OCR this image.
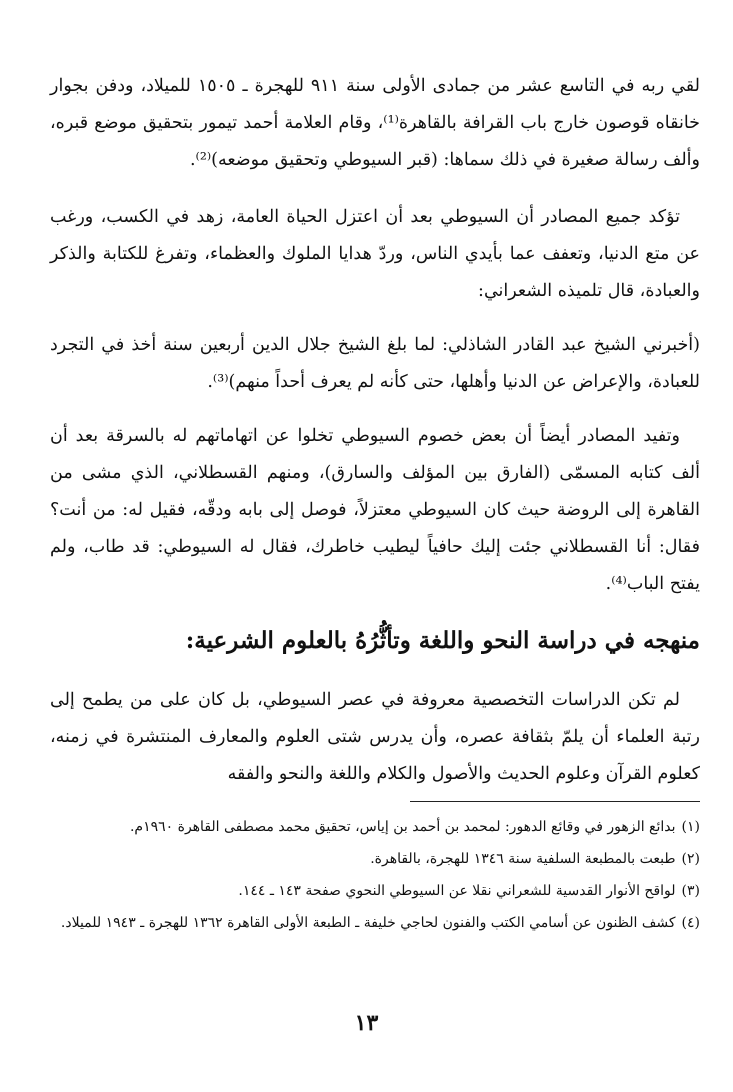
لقي ربه في التاسع عشر من جمادى الأولى سنة ٩١١ للهجرة ـ ١٥٠٥ للميلاد، ودفن بجوار خانقاه قوصون خارج باب القرافة بالقاهرة⁽¹⁾، وقام العلامة أحمد تيمور بتحقيق موضع قبره، وألف رسالة صغيرة في ذلك سماها: (قبر السيوطي وتحقيق موضعه)⁽²⁾.

تؤكد جميع المصادر أن السيوطي بعد أن اعتزل الحياة العامة، زهد في الكسب، ورغب عن متع الدنيا، وتعفف عما بأيدي الناس، وردّ هدايا الملوك والعظماء، وتفرغ للكتابة والذكر والعبادة، قال تلميذه الشعراني:

(أخبرني الشيخ عبد القادر الشاذلي: لما بلغ الشيخ جلال الدين أربعين سنة أخذ في التجرد للعبادة، والإعراض عن الدنيا وأهلها، حتى كأنه لم يعرف أحداً منهم)⁽³⁾.

وتفيد المصادر أيضاً أن بعض خصوم السيوطي تخلوا عن اتهاماتهم له بالسرقة بعد أن ألف كتابه المسمّى (الفارق بين المؤلف والسارق)، ومنهم القسطلاني، الذي مشى من القاهرة إلى الروضة حيث كان السيوطي معتزلاً، فوصل إلى بابه ودقّه، فقيل له: من أنت؟ فقال: أنا القسطلاني جئت إليك حافياً ليطيب خاطرك، فقال له السيوطي: قد طاب، ولم يفتح الباب⁽⁴⁾.

منهجه في دراسة النحو واللغة وتأثُّرُهُ بالعلوم الشرعية:

لم تكن الدراسات التخصصية معروفة في عصر السيوطي، بل كان على من يطمح إلى رتبة العلماء أن يلمّ بثقافة عصره، وأن يدرس شتى العلوم والمعارف المنتشرة في زمنه، كعلوم القرآن وعلوم الحديث والأصول والكلام واللغة والنحو والفقه

(١)بدائع الزهور في وقائع الدهور: لمحمد بن أحمد بن إياس، تحقيق محمد مصطفى القاهرة ١٩٦٠م.
(٢)طبعت بالمطبعة السلفية سنة ١٣٤٦ للهجرة، بالقاهرة.
(٣)لواقح الأنوار القدسية للشعراني نقلا عن السيوطي النحوي صفحة ١٤٣ ـ ١٤٤.
(٤)كشف الظنون عن أسامي الكتب والفنون لحاجي خليفة ـ الطبعة الأولى القاهرة ١٣٦٢ للهجرة ـ ١٩٤٣ للميلاد.
١٣
